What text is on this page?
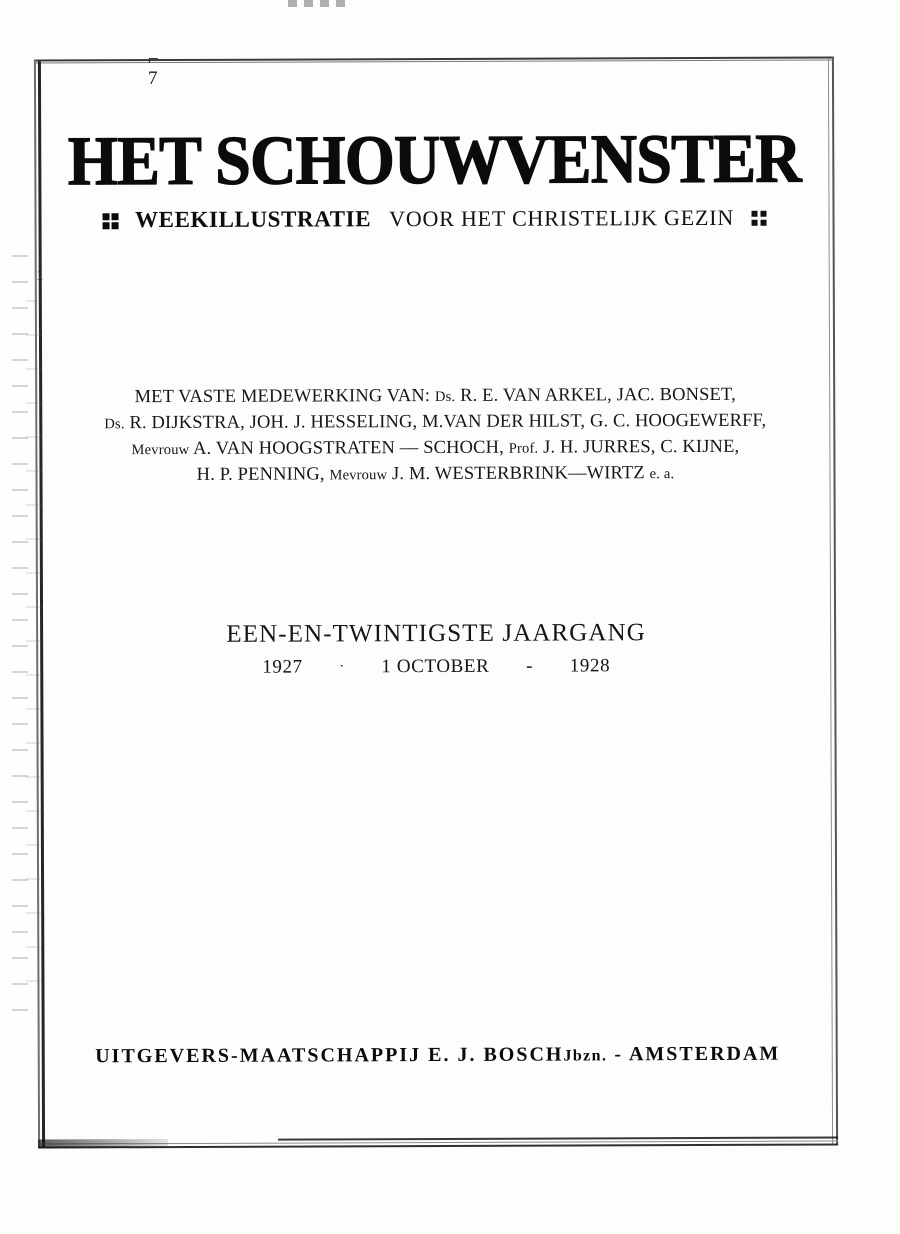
1
⌐
7
HET SCHOUWVENSTER
WEEKILLUSTRATIE VOOR HET CHRISTELIJK GEZIN
MET VASTE MEDEWERKING VAN: Ds. R. E. VAN ARKEL, JAC. BONSET,
Ds. R. DIJKSTRA, JOH. J. HESSELING, M.VAN DER HILST, G. C. HOOGEWERFF,
Mevrouw A. VAN HOOGSTRATEN — SCHOCH, Prof. J. H. JURRES, C. KIJNE,
H. P. PENNING, Mevrouw J. M. WESTERBRINK—WIRTZ e. a.
EEN-EN-TWINTIGSTE JAARGANG
1927	· 1 OCTOBER - 1928
UITGEVERS-MAATSCHAPPIJ E. J. BOSCHJbzn. - AMSTERDAM
